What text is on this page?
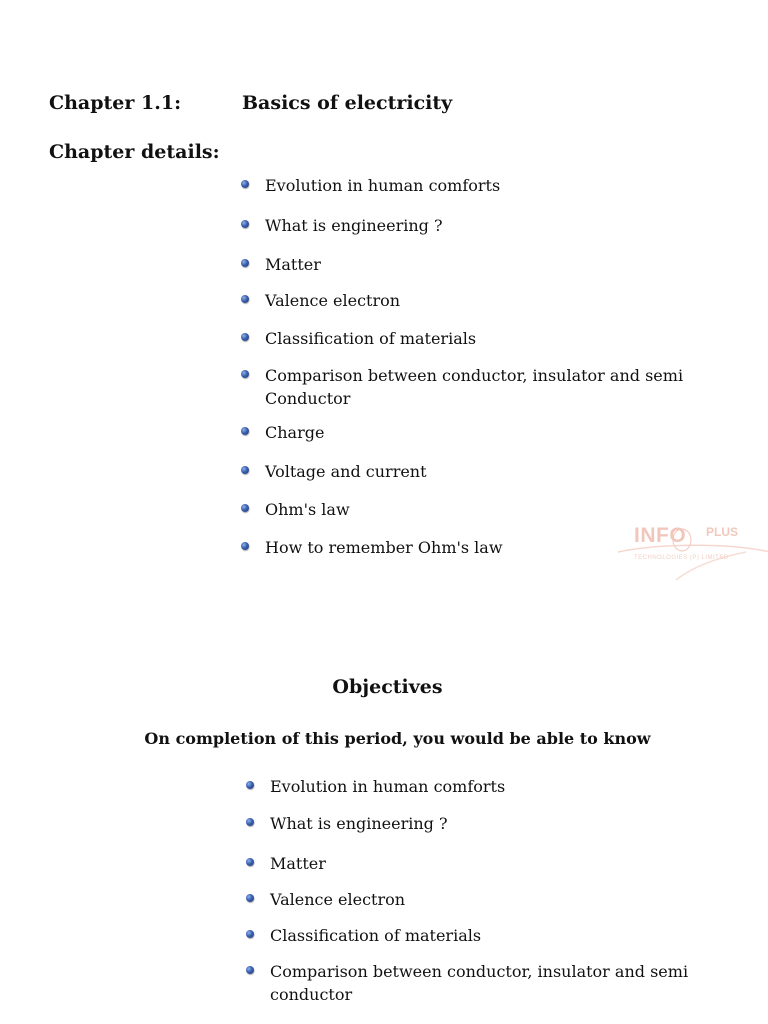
Chapter 1.1:	Basics of electricity
Chapter details:
Evolution in human comforts
What is engineering ?
Matter
Valence electron
Classification of materials
Comparison between conductor, insulator and semi Conductor
Charge
Voltage and current
Ohm's law
How to remember Ohm's law
INFO PLUS
TECHNOLOGIES (P) LIMITED
Objectives
On completion of this period, you would be able to know
Evolution in human comforts
What is engineering ?
Matter
Valence electron
Classification of materials
Comparison between conductor, insulator and semi conductor
